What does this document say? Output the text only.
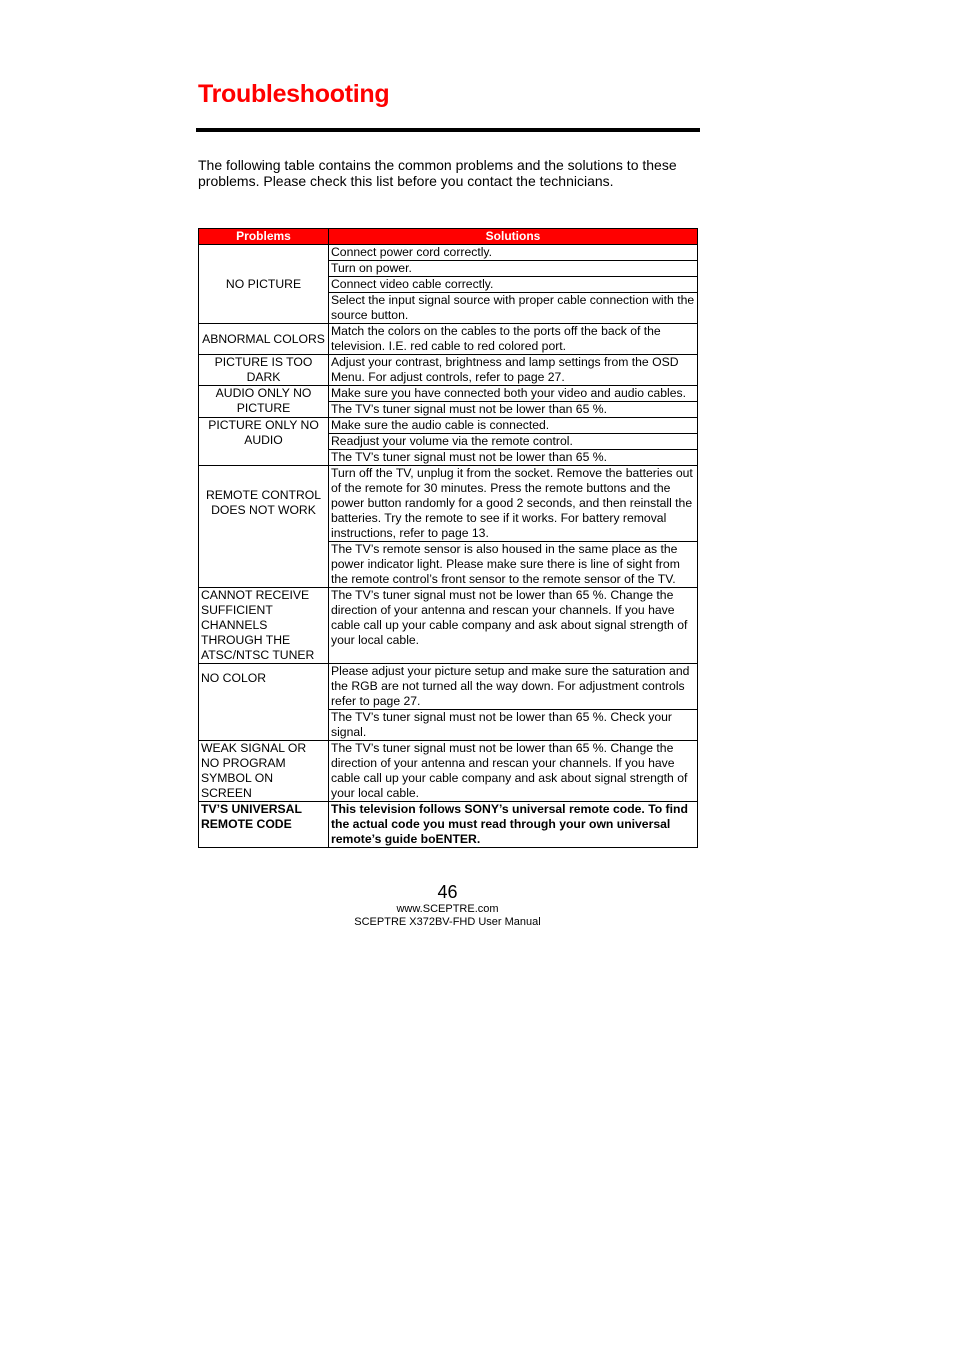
Troubleshooting

The following table contains the common problems and the solutions to these problems. Please check this list before you contact the technicians.

Problems	Solutions
NO PICTURE	Connect power cord correctly.
	Turn on power.
	Connect video cable correctly.
	Select the input signal source with proper cable connection with the source button.
ABNORMAL COLORS	Match the colors on the cables to the ports off the back of the television. I.E. red cable to red colored port.
PICTURE IS TOO DARK	Adjust your contrast, brightness and lamp settings from the OSD Menu. For adjust controls, refer to page 27.
AUDIO ONLY NO PICTURE	Make sure you have connected both your video and audio cables.
	The TV’s tuner signal must not be lower than 65 %.
PICTURE ONLY NO AUDIO	Make sure the audio cable is connected.
	Readjust your volume via the remote control.
	The TV’s tuner signal must not be lower than 65 %.
REMOTE CONTROL DOES NOT WORK	Turn off the TV, unplug it from the socket. Remove the batteries out of the remote for 30 minutes. Press the remote buttons and the power button randomly for a good 2 seconds, and then reinstall the batteries. Try the remote to see if it works. For battery removal instructions, refer to page 13.
	The TV’s remote sensor is also housed in the same place as the power indicator light. Please make sure there is line of sight from the remote control’s front sensor to the remote sensor of the TV.
CANNOT RECEIVE SUFFICIENT CHANNELS THROUGH THE ATSC/NTSC TUNER	The TV’s tuner signal must not be lower than 65 %. Change the direction of your antenna and rescan your channels. If you have cable call up your cable company and ask about signal strength of your local cable.
NO COLOR	Please adjust your picture setup and make sure the saturation and the RGB are not turned all the way down. For adjustment controls refer to page 27.
	The TV’s tuner signal must not be lower than 65 %. Check your signal.
WEAK SIGNAL OR NO PROGRAM SYMBOL ON SCREEN	The TV’s tuner signal must not be lower than 65 %. Change the direction of your antenna and rescan your channels. If you have cable call up your cable company and ask about signal strength of your local cable.
TV’S UNIVERSAL REMOTE CODE	This television follows SONY’s universal remote code. To find the actual code you must read through your own universal remote’s guide boENTER.

46

www.SCEPTRE.com

SCEPTRE X372BV-FHD User Manual
